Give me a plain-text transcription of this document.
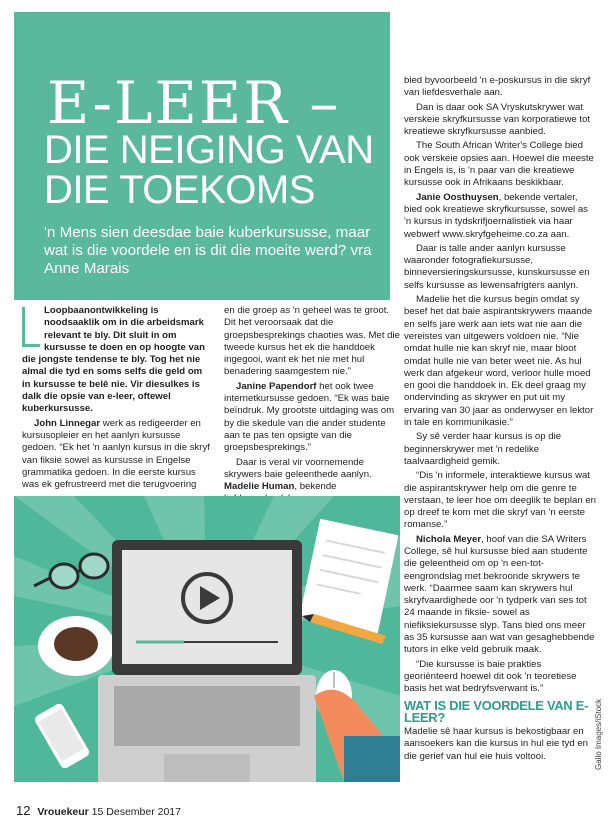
E-LEER –
DIE NEIGING VAN
DIE TOEKOMS
'n Mens sien deesdae baie kuberkursusse, maar wat is die voordele en is dit die moeite werd? vra Anne Marais

Loopbaanontwikkeling is noodsaaklik om in die arbeidsmark relevant te bly. Dit sluit in om kursusse te doen en op hoogte van die jongste tendense te bly. Tog het nie almal die tyd en soms selfs die geld om in kursusse te belê nie. Vir diesulkes is dalk die opsie van e-leer, oftewel kuberkursusse.

John Linnegar werk as redigeerder en kursusopleier en het aanlyn kursusse gedoen. “Ek het 'n aanlyn kursus in die skryf van fiksie sowel as kursusse in Engelse grammatika gedoen. In die eerste kursus was ek gefrustreerd met die terugvoering

en die groep as 'n geheel was te groot. Dit het veroorsaak dat die groepsbesprekings chaoties was. Met die tweede kursus het ek die handdoek ingegooi, want ek het nie met hul benadering saamgestem nie.”

Janine Papendorf het ook twee internetkursusse gedoen. “Ek was baie beïndruk. My grootste uitdaging was om by die skedule van die ander studente aan te pas ten opsigte van die groepsbesprekings.”

Daar is veral vir voornemende skrywers baie geleenthede aanlyn. Madelie Human, bekende

bied byvoorbeeld 'n e-poskursus in die skryf van liefdesverhale aan.

Dan is daar ook SA Vryskutskrywer wat verskeie skryfkursusse van korporatiewe tot kreatiewe skryfkursusse aanbied.

The South African Writer's College bied ook verskeie opsies aan. Hoewel die meeste in Engels is, is 'n paar van die kreatiewe kursusse ook in Afrikaans beskikbaar.

Janie Oosthuysen, bekende vertaler, bied ook kreatiewe skryfkursusse, sowel as 'n kursus in tydskrifjoernalistiek via haar webwerf www.skryfgeheime.co.za aan.

Daar is talle ander aanlyn kursusse waaronder fotografiekursusse, binneversieringskursusse, kunskursusse en selfs kursusse as lewensafrigters aanlyn.

Madelie het die kursus begin omdat sy besef het dat baie aspirantskrywers maande en selfs jare werk aan iets wat nie aan die vereistes van uitgewers voldoen nie. “Nie omdat hulle nie kan skryf nie, maar bloot omdat hulle nie van beter weet nie. As hul werk dan afgekeur word, verloor hulle moed en gooi die handdoek in. Ek deel graag my ondervinding as skrywer en put uit my ervaring van 30 jaar as onderwyser en lektor in tale en kommunikasie.”

Sy sê verder haar kursus is op die beginnerskrywer met 'n redelike taalvaardigheid gemik.

“Dis 'n informele, interaktiewe kursus wat die aspirantskrywer help om die genre te verstaan, te leer hoe om deeglik te beplan en op dreef te kom met die skryf van 'n eerste romanse.”

Nichola Meyer, hoof van die SA Writers College, sê hul kursusse bied aan studente die geleentheid om op 'n een-tot-eengrondslag met bekroonde skrywers te werk. “Daarmee saam kan skrywers hul skryfvaardighede oor 'n tydperk van ses tot 24 maande in fiksie- sowel as niefiksiekursusse slyp. Tans bied ons meer as 35 kursusse aan wat van gesaghebbende tutors in elke veld gebruik maak.

“Die kursusse is baie prakties georiënteerd hoewel dit ook 'n teoretiese basis het wat bedryfsverwant is.”

WAT IS DIE VOORDELE VAN E-LEER?

Madelie sê haar kursus is bekostigbaar en aansoekers kan die kursus in hul eie tyd en die gerief van hul eie huis voltooi.	Gallo Images/iStock
12 Vrouekeur 15 Desember 2017
